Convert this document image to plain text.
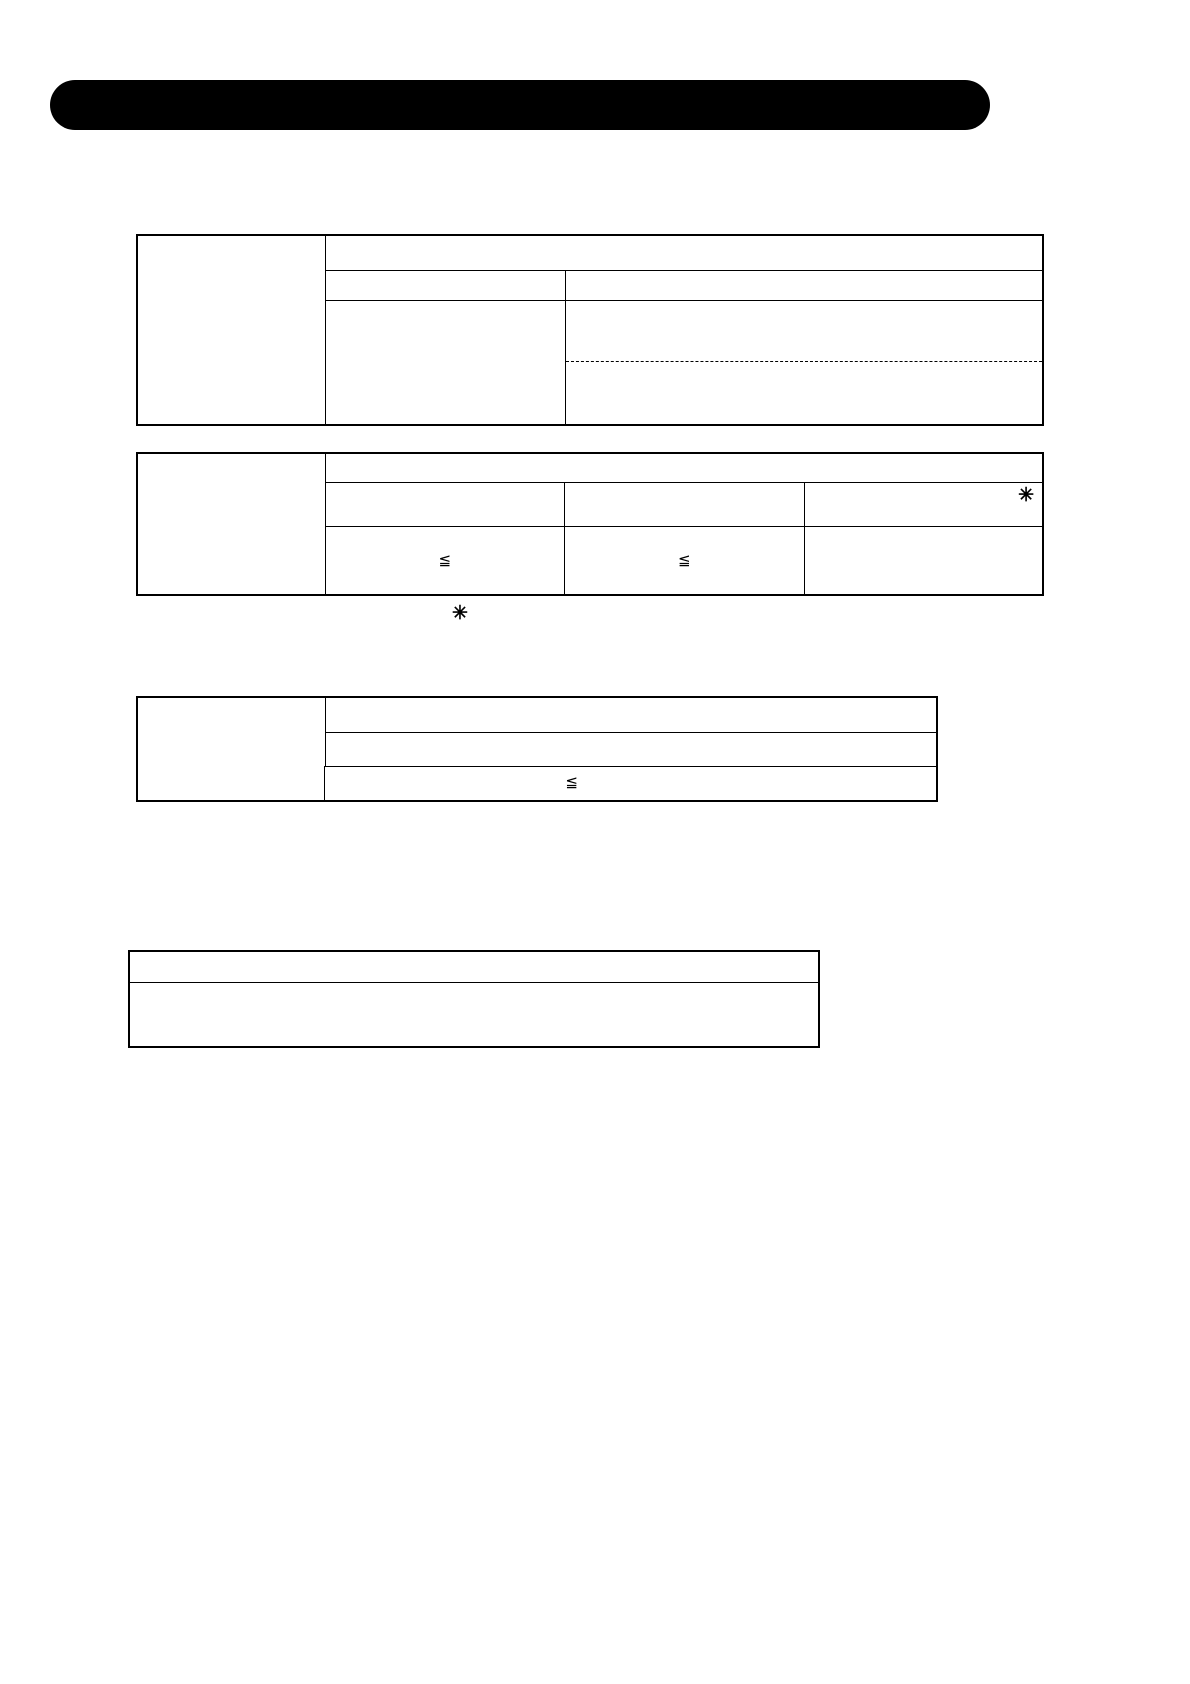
✳
≦	≦
✳
≦
